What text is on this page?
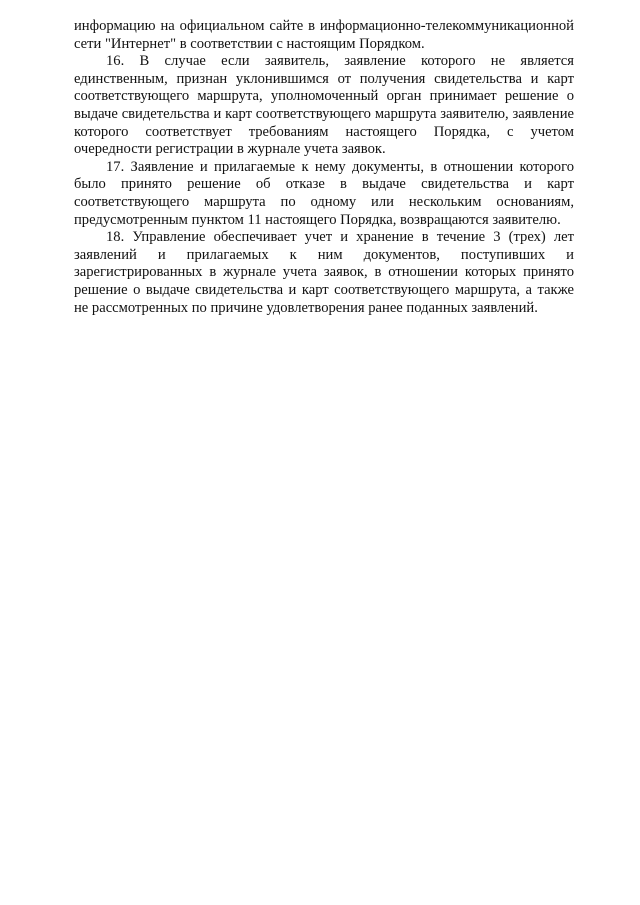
информацию на официальном сайте в информационно-телекоммуникационной сети "Интернет" в соответствии с настоящим Порядком.

16. В случае если заявитель, заявление которого не является единственным, признан уклонившимся от получения свидетельства и карт соответствующего маршрута, уполномоченный орган принимает решение о выдаче свидетельства и карт соответствующего маршрута заявителю, заявление которого соответствует требованиям настоящего Порядка, с учетом очередности регистрации в журнале учета заявок.

17. Заявление и прилагаемые к нему документы, в отношении которого было принято решение об отказе в выдаче свидетельства и карт соответствующего маршрута по одному или нескольким основаниям, предусмотренным пунктом 11 настоящего Порядка, возвращаются заявителю.

18. Управление обеспечивает учет и хранение в течение 3 (трех) лет заявлений и прилагаемых к ним документов, поступивших и зарегистрированных в журнале учета заявок, в отношении которых принято решение о выдаче свидетельства и карт соответствующего маршрута, а также не рассмотренных по причине удовлетворения ранее поданных заявлений.
